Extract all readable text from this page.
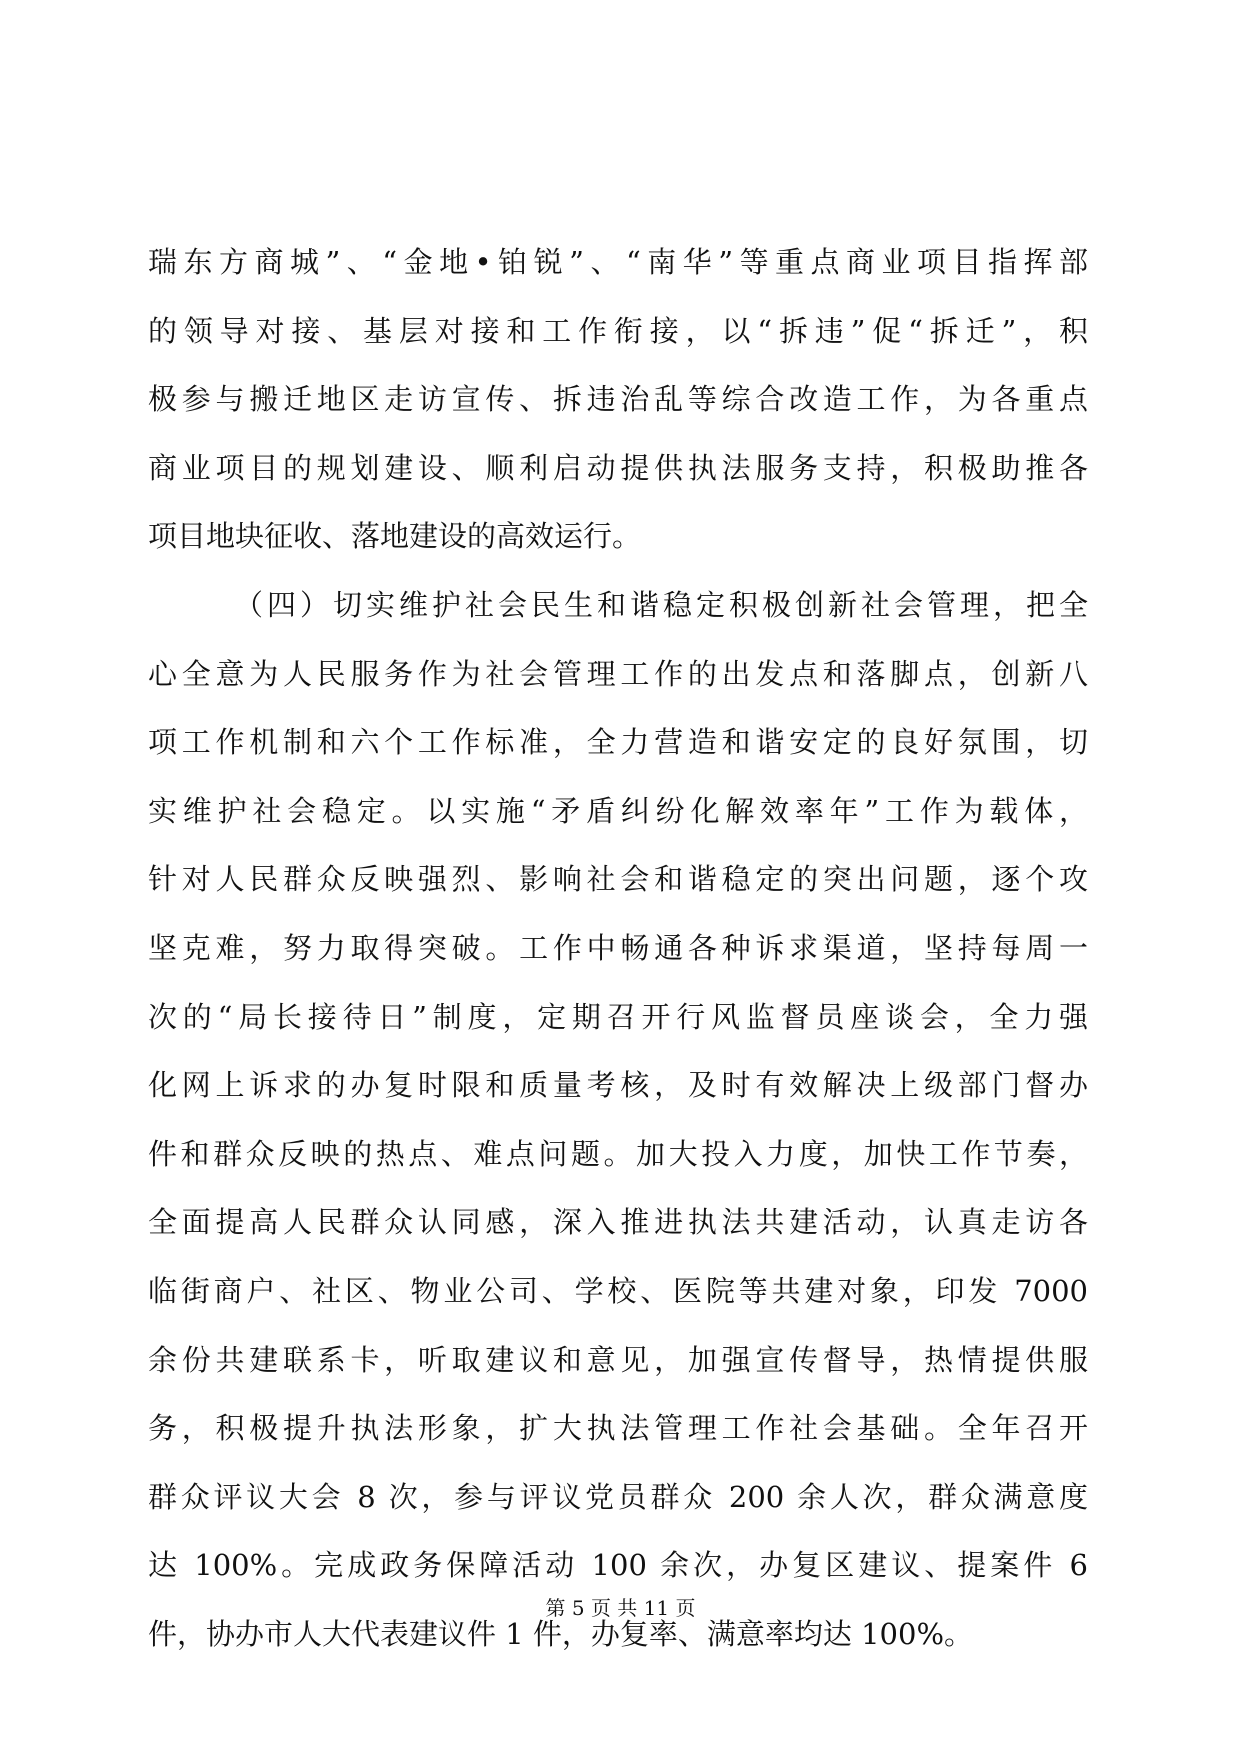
瑞东方商城”、“金地•铂锐”、“南华”等重点商业项目指挥部
的领导对接、基层对接和工作衔接，以“拆违”促“拆迁”，积
极参与搬迁地区走访宣传、拆违治乱等综合改造工作，为各重点
商业项目的规划建设、顺利启动提供执法服务支持，积极助推各
项目地块征收、落地建设的高效运行。
（四）切实维护社会民生和谐稳定积极创新社会管理，把全
心全意为人民服务作为社会管理工作的出发点和落脚点，创新八
项工作机制和六个工作标准，全力营造和谐安定的良好氛围，切
实维护社会稳定。以实施“矛盾纠纷化解效率年”工作为载体，
针对人民群众反映强烈、影响社会和谐稳定的突出问题，逐个攻
坚克难，努力取得突破。工作中畅通各种诉求渠道，坚持每周一
次的“局长接待日”制度，定期召开行风监督员座谈会，全力强
化网上诉求的办复时限和质量考核，及时有效解决上级部门督办
件和群众反映的热点、难点问题。加大投入力度，加快工作节奏，
全面提高人民群众认同感，深入推进执法共建活动，认真走访各
临街商户、社区、物业公司、学校、医院等共建对象，印发 7000
余份共建联系卡，听取建议和意见，加强宣传督导，热情提供服
务，积极提升执法形象，扩大执法管理工作社会基础。全年召开
群众评议大会 8 次，参与评议党员群众 200 余人次，群众满意度
达 100%。完成政务保障活动 100 余次，办复区建议、提案件 6
件，协办市人大代表建议件 1 件，办复率、满意率均达 100%。
第 5 页 共 11 页
